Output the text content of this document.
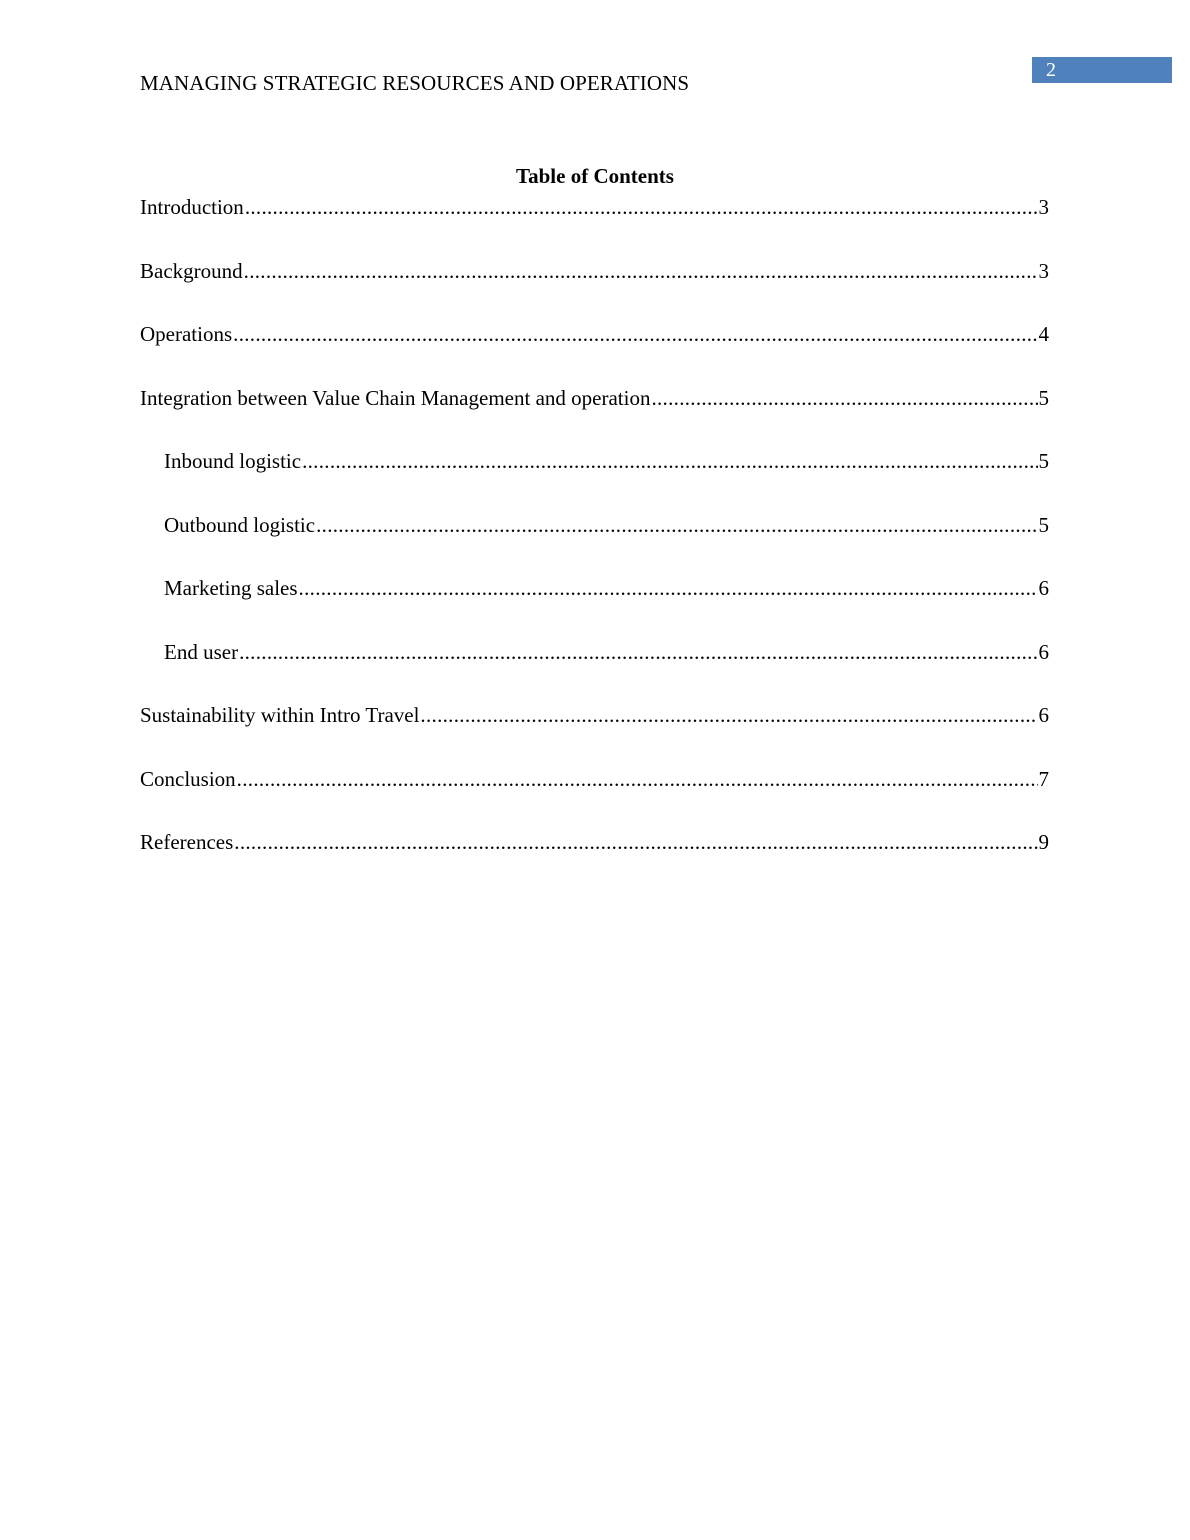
MANAGING STRATEGIC RESOURCES AND OPERATIONS
2
Table of Contents
Introduction .....	3
Background .....	3
Operations .....	4
Integration between Value Chain Management and operation .....	5
Inbound logistic .....	5
Outbound logistic .....	5
Marketing sales .....	6
End user .....	6
Sustainability within Intro Travel .....	6
Conclusion .....	7
References .....	9
